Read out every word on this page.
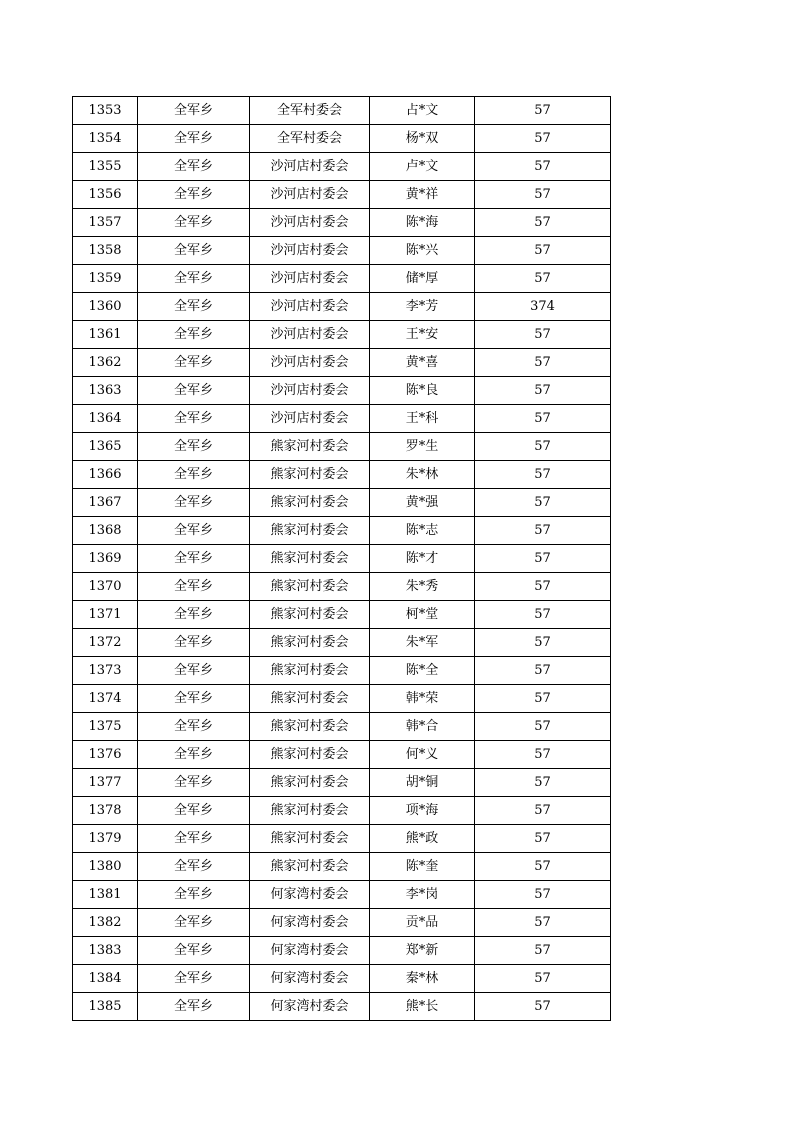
1353	全军乡	全军村委会	占*文	57
1354	全军乡	全军村委会	杨*双	57
1355	全军乡	沙河店村委会	卢*文	57
1356	全军乡	沙河店村委会	黄*祥	57
1357	全军乡	沙河店村委会	陈*海	57
1358	全军乡	沙河店村委会	陈*兴	57
1359	全军乡	沙河店村委会	储*厚	57
1360	全军乡	沙河店村委会	李*芳	374
1361	全军乡	沙河店村委会	王*安	57
1362	全军乡	沙河店村委会	黄*喜	57
1363	全军乡	沙河店村委会	陈*良	57
1364	全军乡	沙河店村委会	王*科	57
1365	全军乡	熊家河村委会	罗*生	57
1366	全军乡	熊家河村委会	朱*林	57
1367	全军乡	熊家河村委会	黄*强	57
1368	全军乡	熊家河村委会	陈*志	57
1369	全军乡	熊家河村委会	陈*才	57
1370	全军乡	熊家河村委会	朱*秀	57
1371	全军乡	熊家河村委会	柯*堂	57
1372	全军乡	熊家河村委会	朱*军	57
1373	全军乡	熊家河村委会	陈*全	57
1374	全军乡	熊家河村委会	韩*荣	57
1375	全军乡	熊家河村委会	韩*合	57
1376	全军乡	熊家河村委会	何*义	57
1377	全军乡	熊家河村委会	胡*铜	57
1378	全军乡	熊家河村委会	项*海	57
1379	全军乡	熊家河村委会	熊*政	57
1380	全军乡	熊家河村委会	陈*奎	57
1381	全军乡	何家湾村委会	李*岗	57
1382	全军乡	何家湾村委会	贡*品	57
1383	全军乡	何家湾村委会	郑*新	57
1384	全军乡	何家湾村委会	秦*林	57
1385	全军乡	何家湾村委会	熊*长	57
